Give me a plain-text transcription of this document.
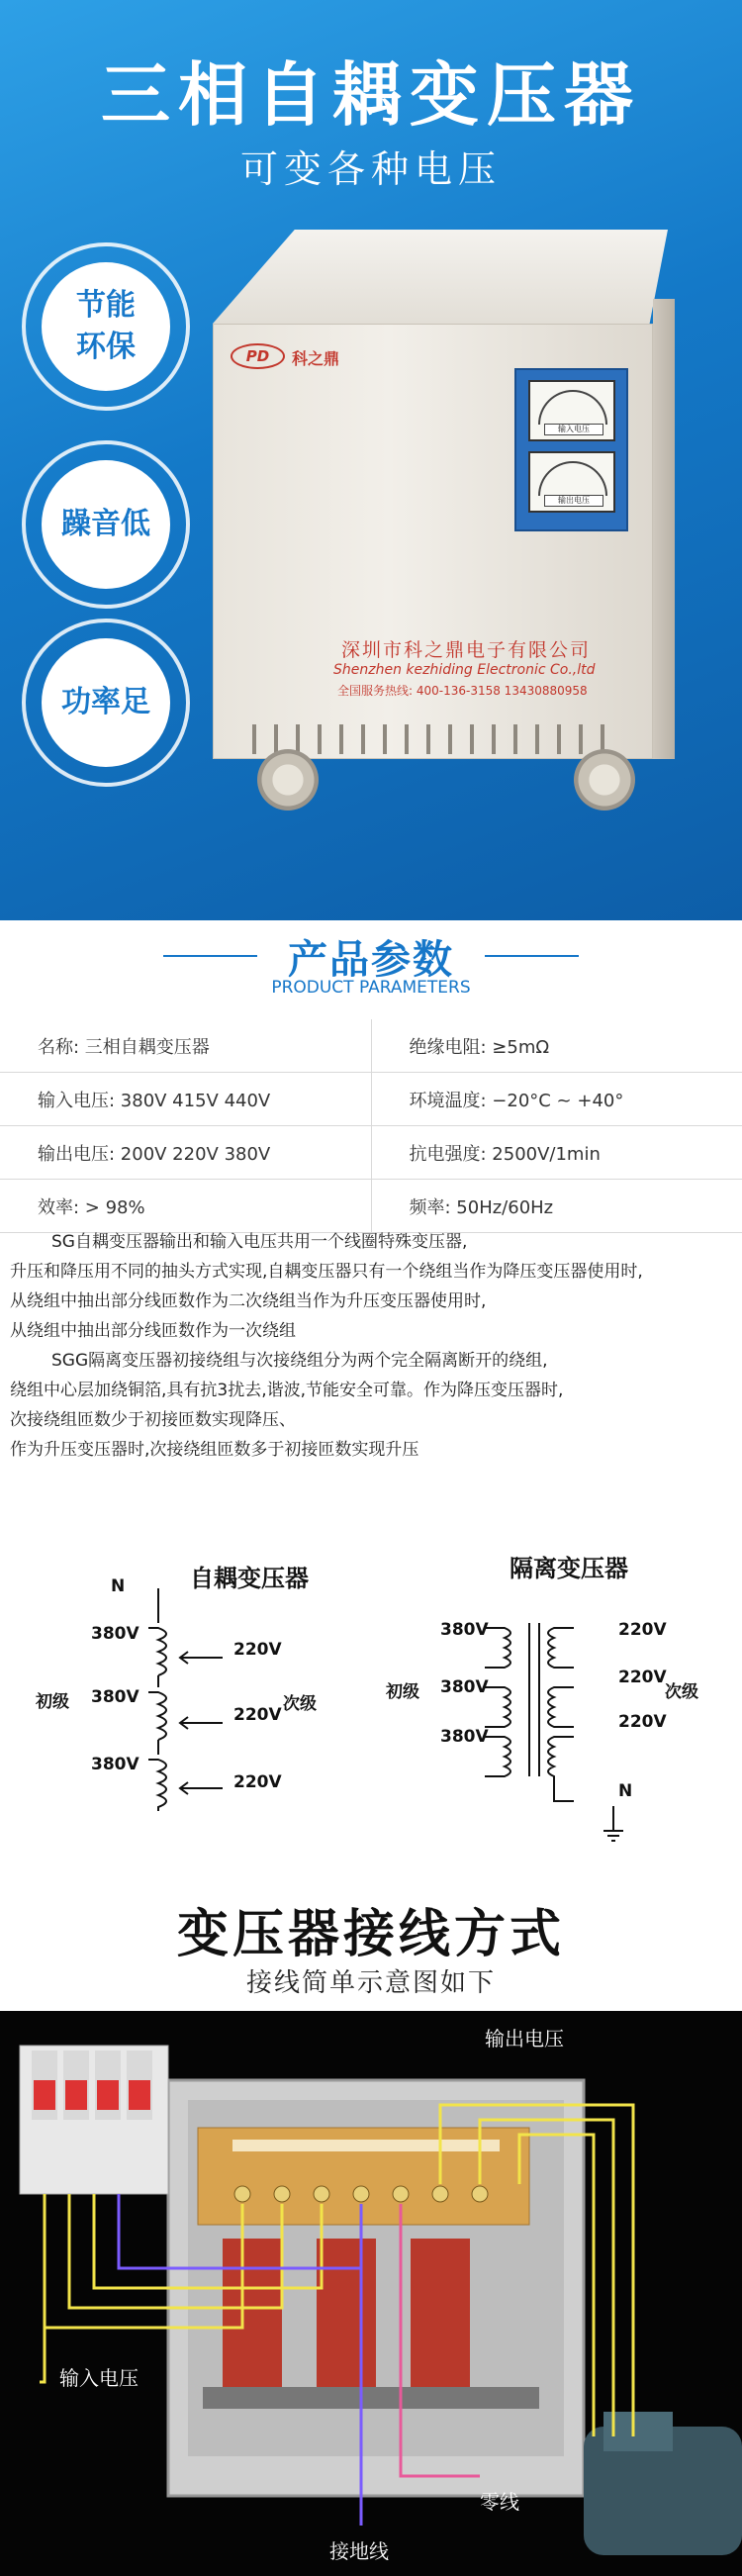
三相自耦变压器
可变各种电压
节能
环保
躁音低
功率足
PD	科之鼎
输入电压
输出电压
深圳市科之鼎电子有限公司
Shenzhen kezhiding Electronic Co.,ltd
全国服务热线: 400-136-3158 13430880958
产品参数
PRODUCT PARAMETERS
名称: 三相自耦变压器	绝缘电阻: ≥5mΩ
输入电压: 380V 415V 440V	环境温度: −20°C ~ +40°
输出电压: 200V 220V 380V	抗电强度: 2500V/1min
效率: > 98%	频率: 50Hz/60Hz

SG自耦变压器输出和输入电压共用一个线圈特殊变压器,

升压和降压用不同的抽头方式实现,自耦变压器只有一个绕组当作为降压变压器使用时,

从绕组中抽出部分线匝数作为二次绕组当作为升压变压器使用时,

从绕组中抽出部分线匝数作为一次绕组

SGG隔离变压器初接绕组与次接绕组分为两个完全隔离断开的绕组,

绕组中心层加绕铜箔,具有抗3扰去,谐波,节能安全可靠。作为降压变压器时,

次接绕组匝数少于初接匝数实现降压、

作为升压变压器时,次接绕组匝数多于初接匝数实现升压

自耦变压器
N
380V
380V
380V
初级	次级
220V
220V
220V
隔离变压器
380V
380V
380V
初级	次级
220V
220V
220V
N
变压器接线方式
接线简单示意图如下
输出电压
输入电压
接地线
零线
